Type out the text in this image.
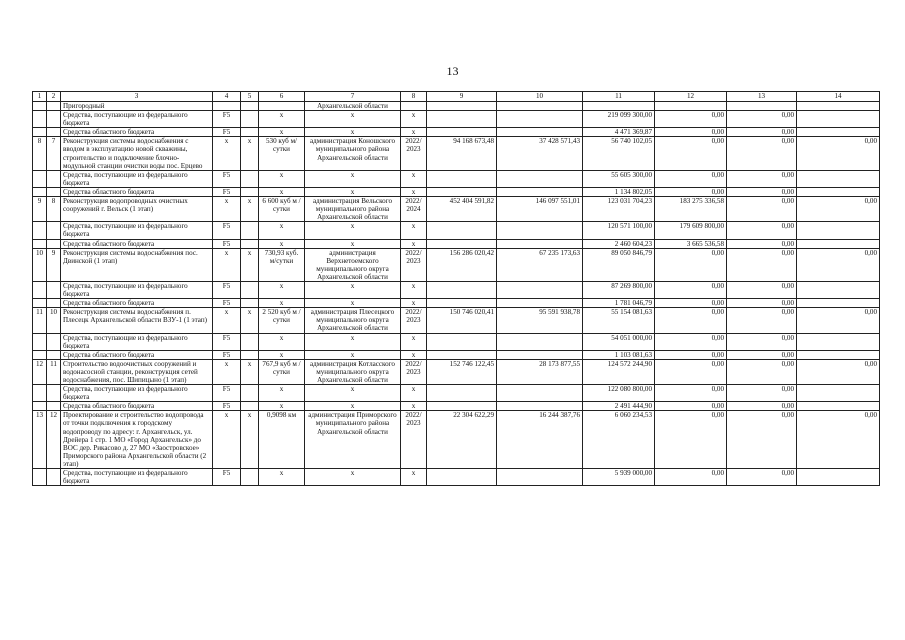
13
1	2	3	4	5	6	7	8	9	10	11	12	13	14
		Пригородный				Архангельской области							
		Средства, поступающие из федерального бюджета	F5		x	x	x			219 099 300,00	0,00	0,00	
		Средства областного бюджета	F5		x	x	x			4 471 369,87	0,00	0,00	
8	7	Реконструкция системы водоснабжения с вводом в эксплуатацию новой скважины, строительство и подключение блочно-модульной станции очистки воды пос. Ерцево	x	x	530 куб м/сутки	администрация Коношского муниципального района Архангельской области	2022/ 2023	94 168 673,48	37 428 571,43	56 740 102,05	0,00	0,00	0,00
		Средства, поступающие из федерального бюджета	F5		x	x	x			55 605 300,00	0,00	0,00	
		Средства областного бюджета	F5		x	x	x			1 134 802,05	0,00	0,00	
9	8	Реконструкция водопроводных очистных сооружений г. Вельск (1 этап)	x	x	6 600 куб м / сутки	администрация Вельского муниципального района Архангельской области	2022/ 2024	452 404 591,82	146 097 551,01	123 031 704,23	183 275 336,58	0,00	0,00
		Средства, поступающие из федерального бюджета	F5		x	x	x			120 571 100,00	179 609 800,00	0,00	
		Средства областного бюджета	F5		x	x	x			2 460 604,23	3 665 536,58	0,00	
10	9	Реконструкция системы водоснабжения пос. Двинской (1 этап)	x	x	730,93 куб. м/сутки	администрация Верхнетоемского муниципального округа Архангельской области	2022/ 2023	156 286 020,42	67 235 173,63	89 050 846,79	0,00	0,00	0,00
		Средства, поступающие из федерального бюджета	F5		x	x	x			87 269 800,00	0,00	0,00	
		Средства областного бюджета	F5		x	x	x			1 781 046,79	0,00	0,00	
11	10	Реконструкция системы водоснабжения п. Плесецк Архангельской области ВЗУ-1 (1 этап)	x	x	2 520 куб м / сутки	администрация Плесецкого муниципального округа Архангельской области	2022/ 2023	150 746 020,41	95 591 938,78	55 154 081,63	0,00	0,00	0,00
		Средства, поступающие из федерального бюджета	F5		x	x	x			54 051 000,00	0,00	0,00	
		Средства областного бюджета	F5		x	x	x			1 103 081,63	0,00	0,00	
12	11	Строительство водоочистных сооружений и водонасосной станции, реконструкция сетей водоснабжения, пос. Шипицыно (1 этап)	x	x	767,9 куб м / сутки	администрация Котласского муниципального округа Архангельской области	2022/ 2023	152 746 122,45	28 173 877,55	124 572 244,90	0,00	0,00	0,00
		Средства, поступающие из федерального бюджета	F5		x	x	x			122 080 800,00	0,00	0,00	
		Средства областного бюджета	F5		x	x	x			2 491 444,90	0,00	0,00	
13	12	Проектирование и строительство водопровода от точки подключения к городскому водопроводу по адресу: г. Архангельск, ул. Дрейера 1 стр. 1 МО «Город Архангельск» до ВОС дер. Рикасово д. 27 МО «Заостровское» Приморского района Архангельской области (2 этап)	x	x	0,9098 км	администрация Приморского муниципального района Архангельской области	2022/ 2023	22 304 622,29	16 244 387,76	6 060 234,53	0,00	0,00	0,00
		Средства, поступающие из федерального бюджета	F5		x	x	x			5 939 000,00	0,00	0,00	
